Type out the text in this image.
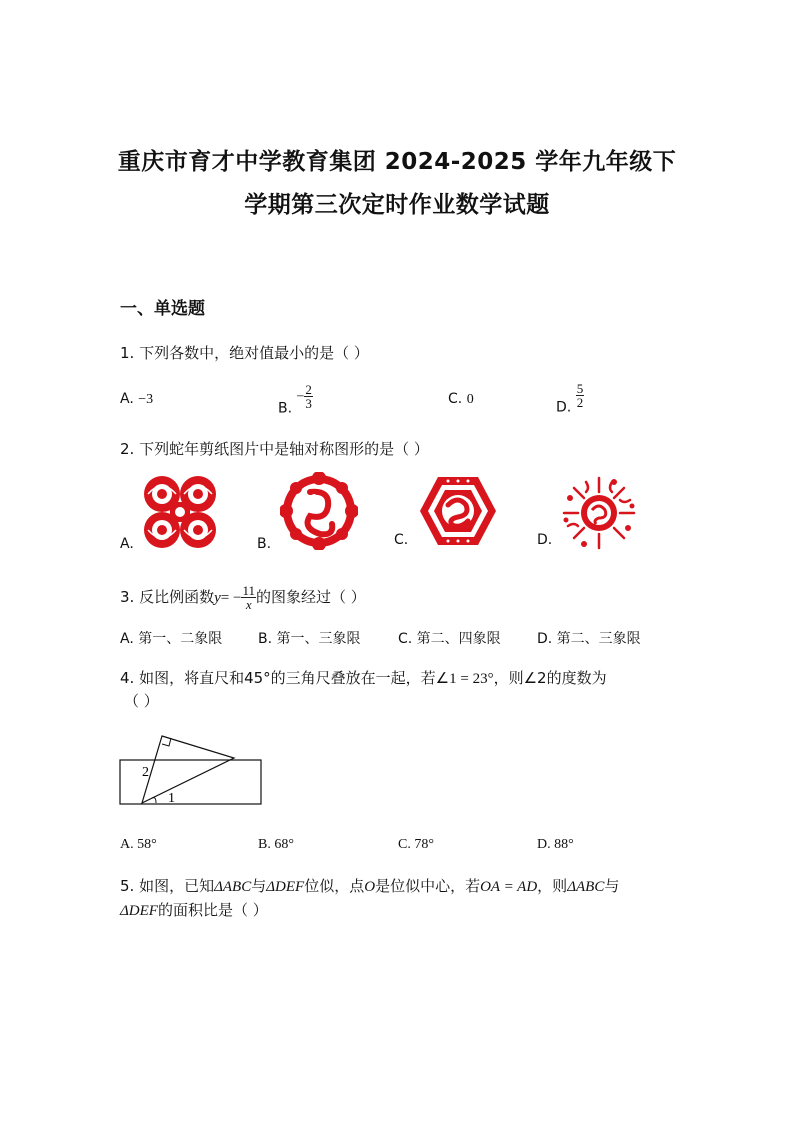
重庆市育才中学教育集团 2024-2025 学年九年级下
学期第三次定时作业数学试题
一、单选题
1. 下列各数中，绝对值最小的是（ ）
A. −3
B. − $\frac{2}{3}$	C. 0	D. $\frac{5}{2}$
2. 下列蛇年剪纸图片中是轴对称图形的是（ ）
A.	B.	C.	D.
3. 反比例函数$y= - \frac{11}{x}$ 的图象经过（ ）
A. 第一、二象限	B. 第一、三象限	C. 第二、四象限	D. 第二、三象限
4. 如图，将直尺和45°的三角尺叠放在一起，若∠1 = 23°，则∠2的度数为
（ ）
2
1
A. 58°	B. 68°	C. 78°	D. 88°
5. 如图，已知ΔABC与ΔDEF位似，点O是位似中心，若OA = AD，则ΔABC与
ΔDEF的面积比是（ ）
